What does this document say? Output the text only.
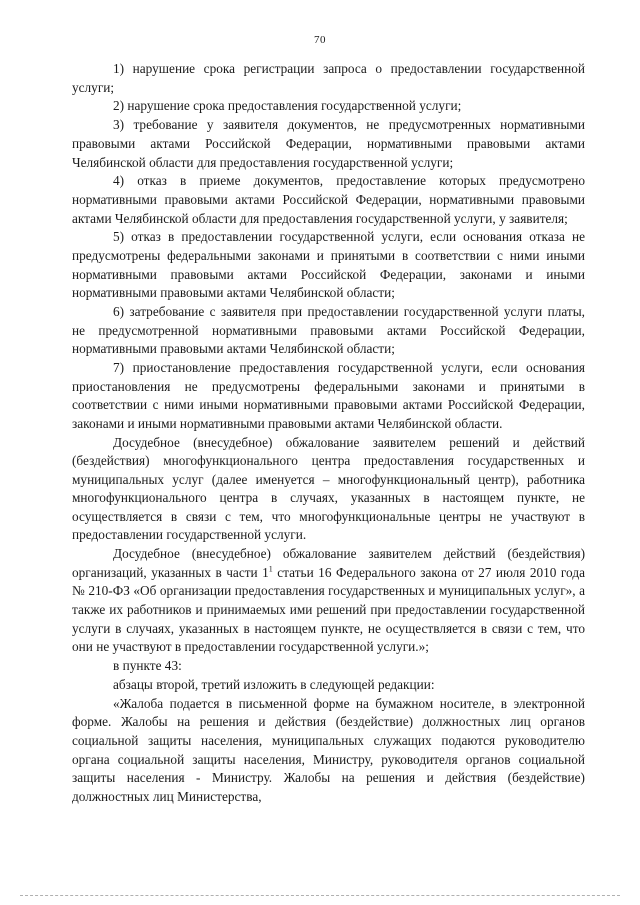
70

1) нарушение срока регистрации запроса о предоставлении государственной услуги;

2) нарушение срока предоставления государственной услуги;

3) требование у заявителя документов, не предусмотренных нормативными правовыми актами Российской Федерации, нормативными правовыми актами Челябинской области для предоставления государственной услуги;

4) отказ в приеме документов, предоставление которых предусмотрено нормативными правовыми актами Российской Федерации, нормативными правовыми актами Челябинской области для предоставления государственной услуги, у заявителя;

5) отказ в предоставлении государственной услуги, если основания отказа не предусмотрены федеральными законами и принятыми в соответствии с ними иными нормативными правовыми актами Российской Федерации, законами и иными нормативными правовыми актами Челябинской области;

6) затребование с заявителя при предоставлении государственной услуги платы, не предусмотренной нормативными правовыми актами Российской Федерации, нормативными правовыми актами Челябинской области;

7) приостановление предоставления государственной услуги, если основания приостановления не предусмотрены федеральными законами и принятыми в соответствии с ними иными нормативными правовыми актами Российской Федерации, законами и иными нормативными правовыми актами Челябинской области.

Досудебное (внесудебное) обжалование заявителем решений и действий (бездействия) многофункционального центра предоставления государственных и муниципальных услуг (далее именуется – многофункциональный центр), работника многофункционального центра в случаях, указанных в настоящем пункте, не осуществляется в связи с тем, что многофункциональные центры не участвуют в предоставлении государственной услуги.

Досудебное (внесудебное) обжалование заявителем действий (бездействия) организаций, указанных в части $1^1$ статьи 16 Федерального закона от 27 июля 2010 года № 210-ФЗ «Об организации предоставления государственных и муниципальных услуг», а также их работников и принимаемых ими решений при предоставлении государственной услуги в случаях, указанных в настоящем пункте, не осуществляется в связи с тем, что они не участвуют в предоставлении государственной услуги.»;

в пункте 43:

абзацы второй, третий изложить в следующей редакции:

«Жалоба подается в письменной форме на бумажном носителе, в электронной форме. Жалобы на решения и действия (бездействие) должностных лиц органов социальной защиты населения, муниципальных служащих подаются руководителю органа социальной защиты населения, Министру, руководителя органов социальной защиты населения - Министру. Жалобы на решения и действия (бездействие) должностных лиц Министерства,
